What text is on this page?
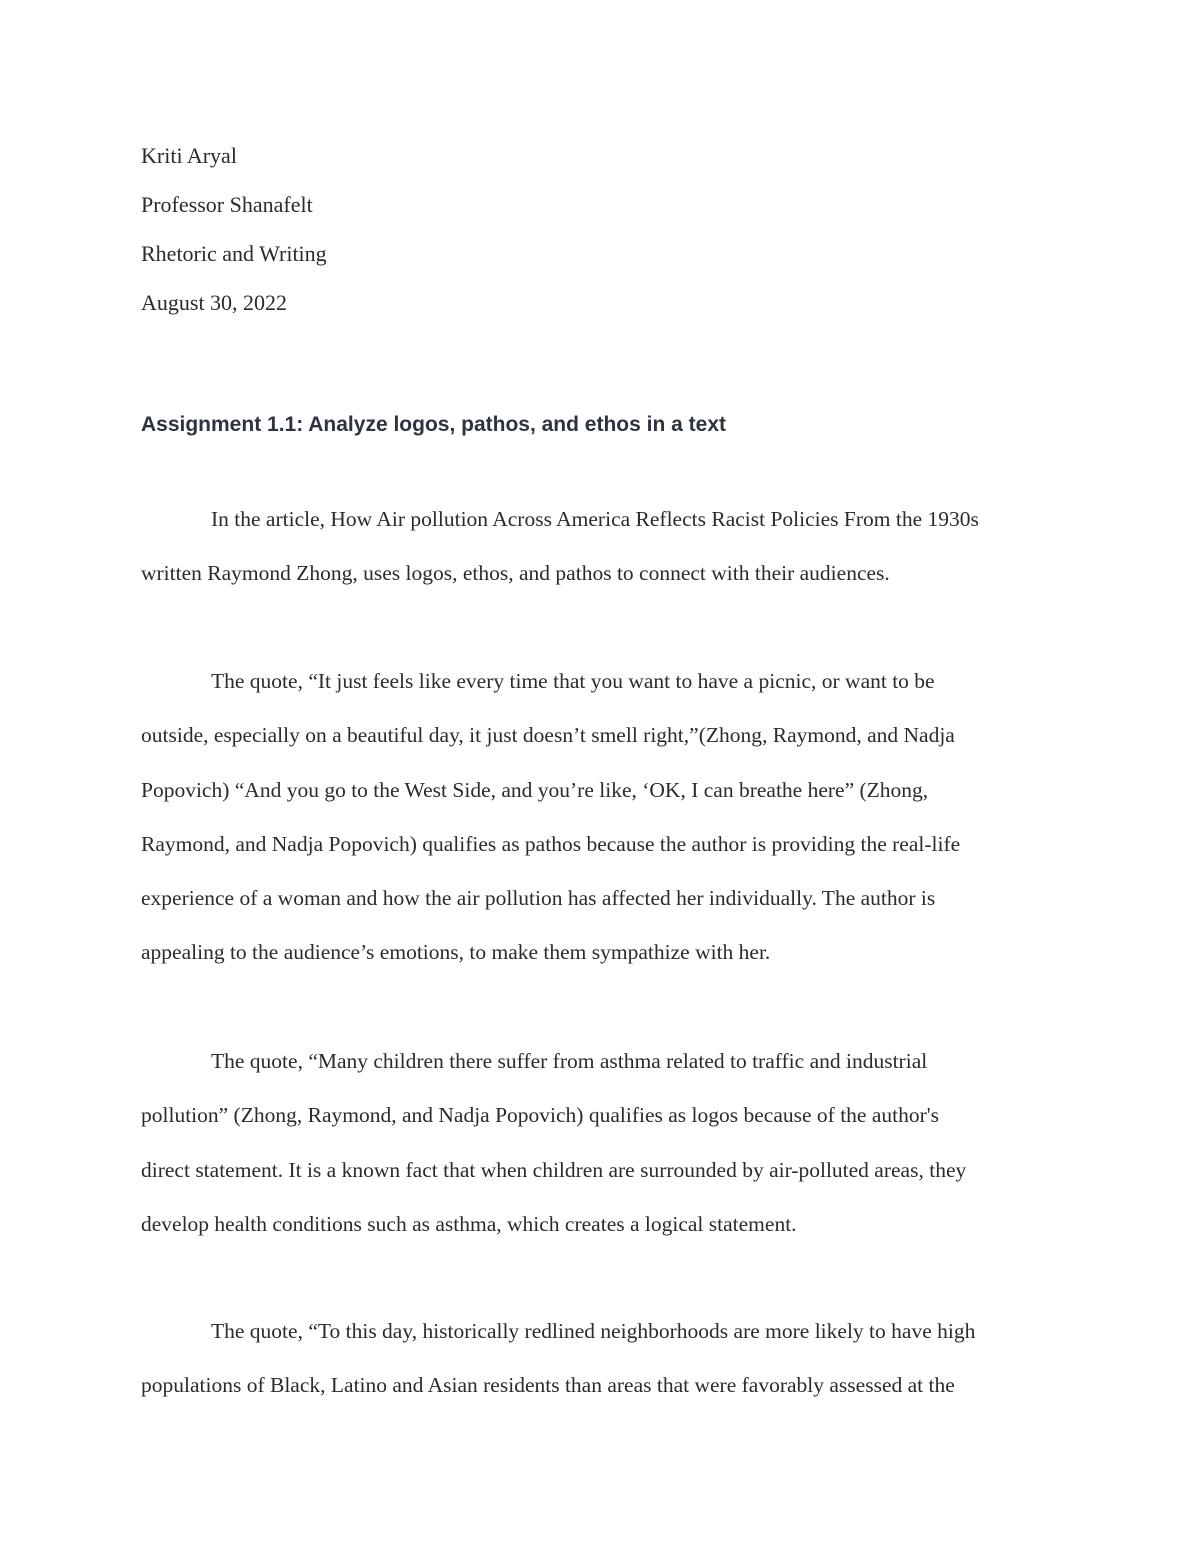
Kriti Aryal
Professor Shanafelt
Rhetoric and Writing
August 30, 2022
Assignment 1.1: Analyze logos, pathos, and ethos in a text
In the article, How Air pollution Across America Reflects Racist Policies From the 1930s
written Raymond Zhong, uses logos, ethos, and pathos to connect with their audiences.
The quote, “It just feels like every time that you want to have a picnic, or want to be
outside, especially on a beautiful day, it just doesn’t smell right,”(Zhong, Raymond, and Nadja
Popovich) “And you go to the West Side, and you’re like, ‘OK, I can breathe here” (Zhong,
Raymond, and Nadja Popovich) qualifies as pathos because the author is providing the real-life
experience of a woman and how the air pollution has affected her individually. The author is
appealing to the audience’s emotions, to make them sympathize with her.
The quote, “Many children there suffer from asthma related to traffic and industrial
pollution” (Zhong, Raymond, and Nadja Popovich) qualifies as logos because of the author's
direct statement. It is a known fact that when children are surrounded by air-polluted areas, they
develop health conditions such as asthma, which creates a logical statement.
The quote, “To this day, historically redlined neighborhoods are more likely to have high
populations of Black, Latino and Asian residents than areas that were favorably assessed at the
